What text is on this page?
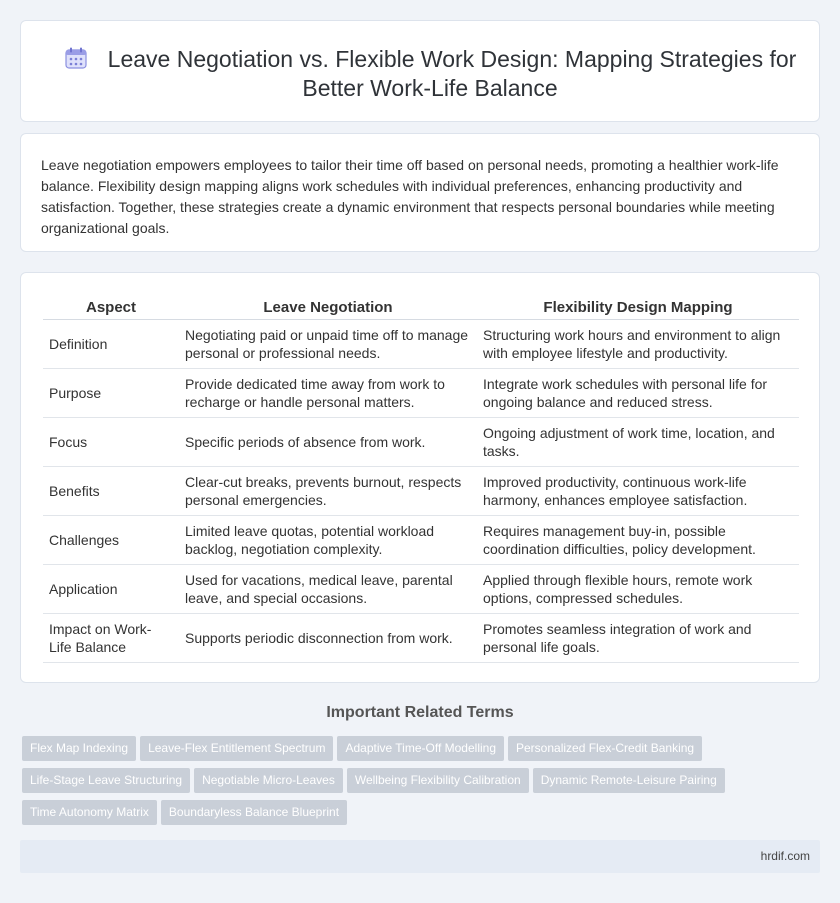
Leave Negotiation vs. Flexible Work Design: Mapping Strategies for Better Work-Life Balance

Leave negotiation empowers employees to tailor their time off based on personal needs, promoting a healthier work-life balance. Flexibility design mapping aligns work schedules with individual preferences, enhancing productivity and satisfaction. Together, these strategies create a dynamic environment that respects personal boundaries while meeting organizational goals.

Aspect	Leave Negotiation	Flexibility Design Mapping
Definition	Negotiating paid or unpaid time off to manage personal or professional needs.	Structuring work hours and environment to align with employee lifestyle and productivity.
Purpose	Provide dedicated time away from work to recharge or handle personal matters.	Integrate work schedules with personal life for ongoing balance and reduced stress.
Focus	Specific periods of absence from work.	Ongoing adjustment of work time, location, and tasks.
Benefits	Clear-cut breaks, prevents burnout, respects personal emergencies.	Improved productivity, continuous work-life harmony, enhances employee satisfaction.
Challenges	Limited leave quotas, potential workload backlog, negotiation complexity.	Requires management buy-in, possible coordination difficulties, policy development.
Application	Used for vacations, medical leave, parental leave, and special occasions.	Applied through flexible hours, remote work options, compressed schedules.
Impact on Work-Life Balance	Supports periodic disconnection from work.	Promotes seamless integration of work and personal life goals.
Important Related Terms
Flex Map Indexing Leave-Flex Entitlement Spectrum Adaptive Time-Off Modelling Personalized Flex-Credit Banking
Life-Stage Leave Structuring Negotiable Micro-Leaves Wellbeing Flexibility Calibration Dynamic Remote-Leisure Pairing
Time Autonomy Matrix Boundaryless Balance Blueprint
hrdif.com
